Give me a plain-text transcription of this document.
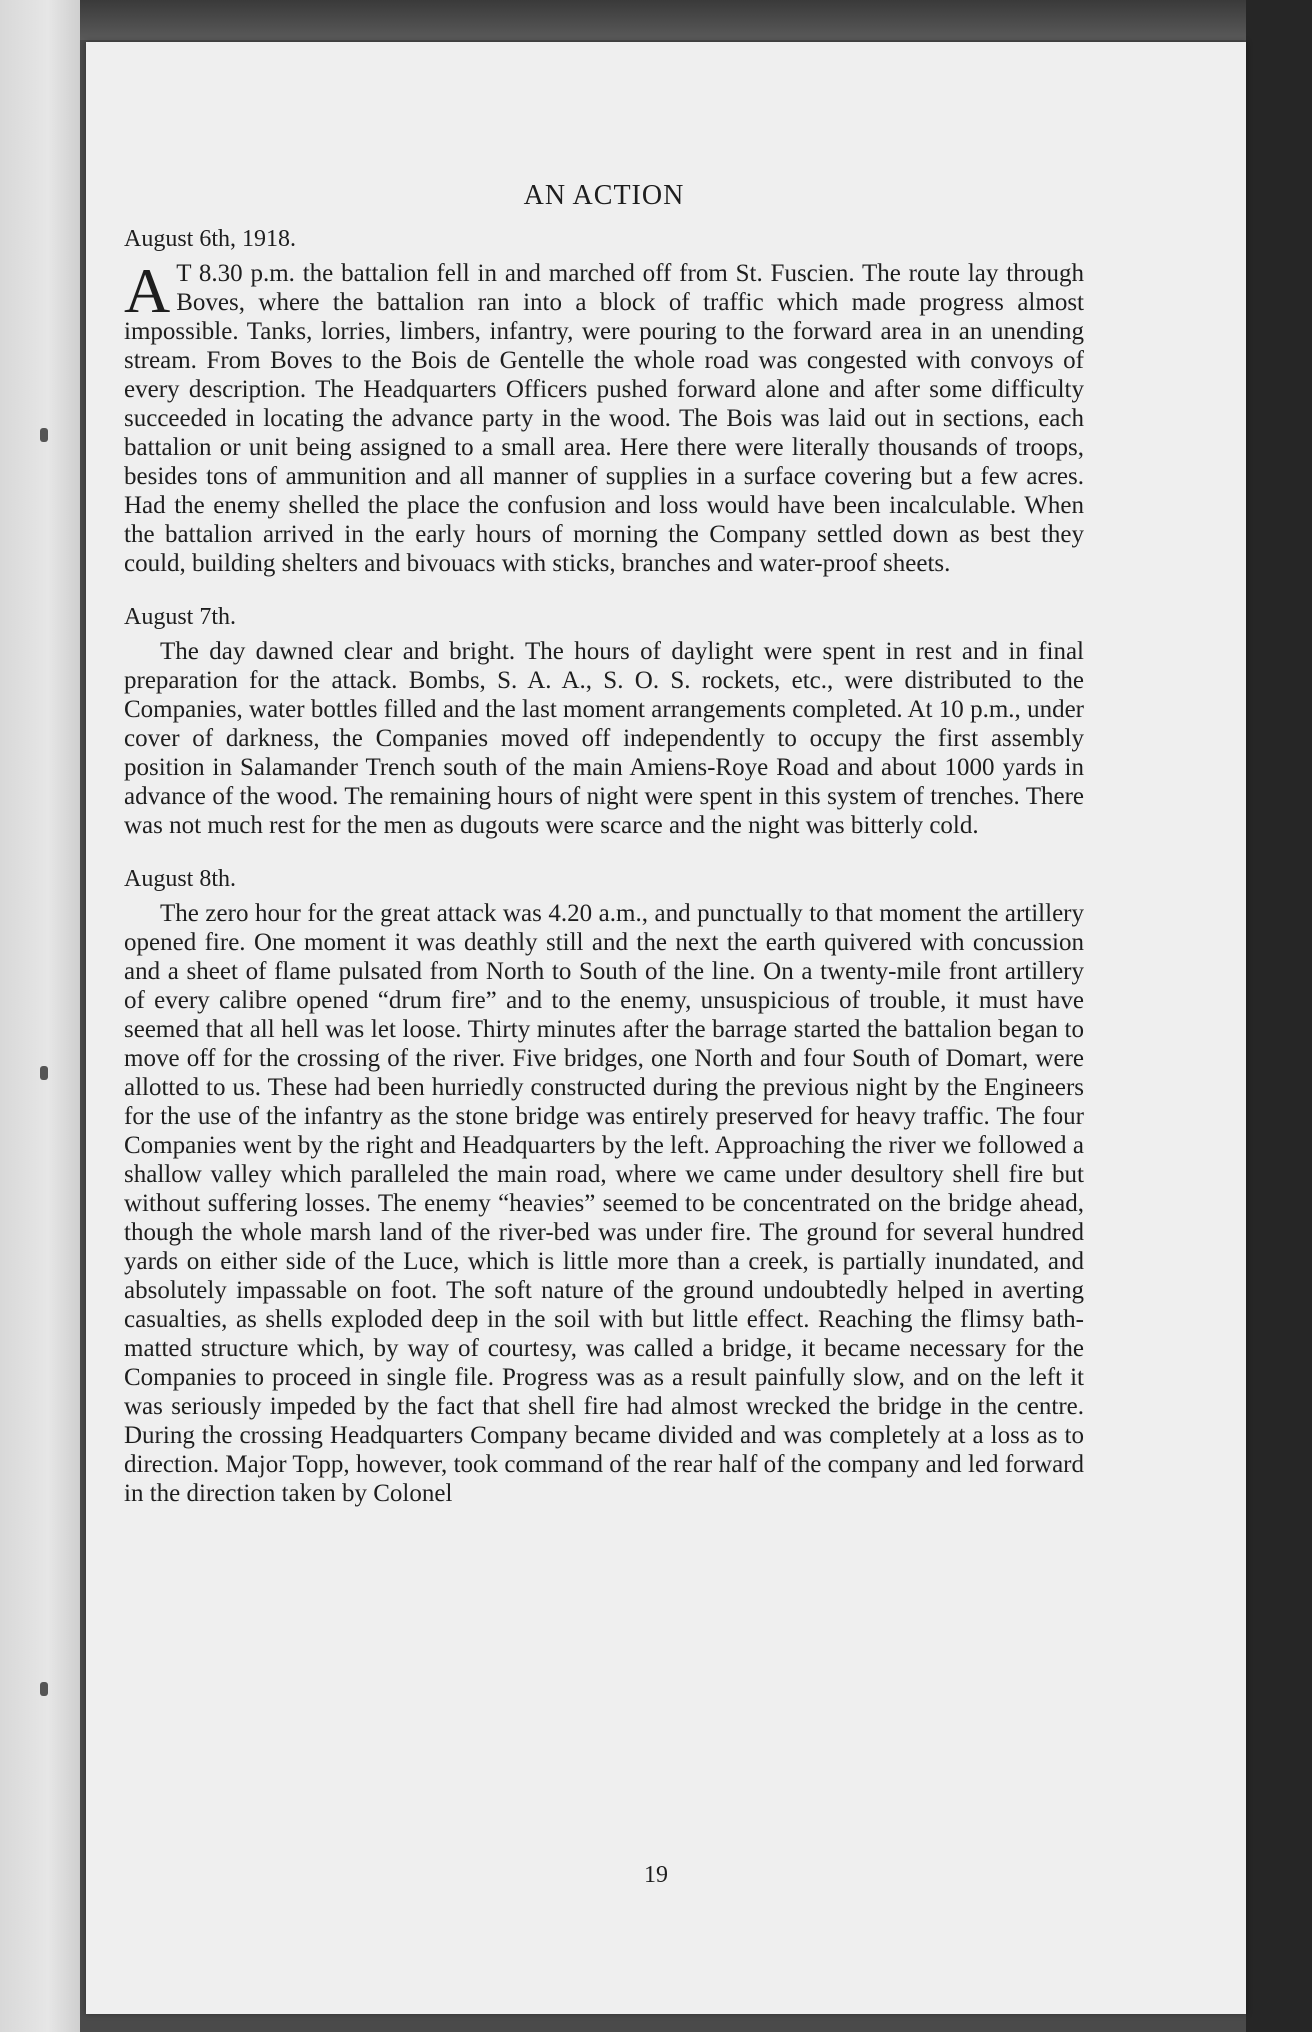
AN ACTION
August 6th, 1918.

A T 8.30 p.m. the battalion fell in and marched off from St. Fuscien. The route lay through Boves, where the battalion ran into a block of traffic which made progress almost impossible. Tanks, lorries, limbers, infantry, were pouring to the forward area in an unending stream. From Boves to the Bois de Gentelle the whole road was congested with convoys of every description. The Headquarters Officers pushed forward alone and after some difficulty succeeded in locating the advance party in the wood. The Bois was laid out in sections, each battalion or unit being assigned to a small area. Here there were literally thousands of troops, besides tons of ammunition and all manner of supplies in a surface covering but a few acres. Had the enemy shelled the place the confusion and loss would have been incalculable. When the battalion arrived in the early hours of morning the Company settled down as best they could, building shelters and bivouacs with sticks, branches and water-proof sheets.

August 7th.

The day dawned clear and bright. The hours of daylight were spent in rest and in final preparation for the attack. Bombs, S. A. A., S. O. S. rockets, etc., were distributed to the Companies, water bottles filled and the last moment arrangements completed. At 10 p.m., under cover of darkness, the Companies moved off independently to occupy the first assembly position in Salamander Trench south of the main Amiens-Roye Road and about 1000 yards in advance of the wood. The remaining hours of night were spent in this system of trenches. There was not much rest for the men as dugouts were scarce and the night was bitterly cold.

August 8th.

The zero hour for the great attack was 4.20 a.m., and punctually to that moment the artillery opened fire. One moment it was deathly still and the next the earth quivered with concussion and a sheet of flame pulsated from North to South of the line. On a twenty-mile front artillery of every calibre opened “drum fire” and to the enemy, unsuspicious of trouble, it must have seemed that all hell was let loose. Thirty minutes after the barrage started the battalion began to move off for the crossing of the river. Five bridges, one North and four South of Domart, were allotted to us. These had been hurriedly constructed during the previous night by the Engineers for the use of the infantry as the stone bridge was entirely preserved for heavy traffic. The four Companies went by the right and Headquarters by the left. Approaching the river we followed a shallow valley which paralleled the main road, where we came under desultory shell fire but without suffering losses. The enemy “heavies” seemed to be concentrated on the bridge ahead, though the whole marsh land of the river-bed was under fire. The ground for several hundred yards on either side of the Luce, which is little more than a creek, is partially inundated, and absolutely impassable on foot. The soft nature of the ground undoubtedly helped in averting casualties, as shells exploded deep in the soil with but little effect. Reaching the flimsy bath-matted structure which, by way of courtesy, was called a bridge, it became necessary for the Companies to proceed in single file. Progress was as a result painfully slow, and on the left it was seriously impeded by the fact that shell fire had almost wrecked the bridge in the centre. During the crossing Headquarters Company became divided and was completely at a loss as to direction. Major Topp, however, took command of the rear half of the company and led forward in the direction taken by Colonel

19
